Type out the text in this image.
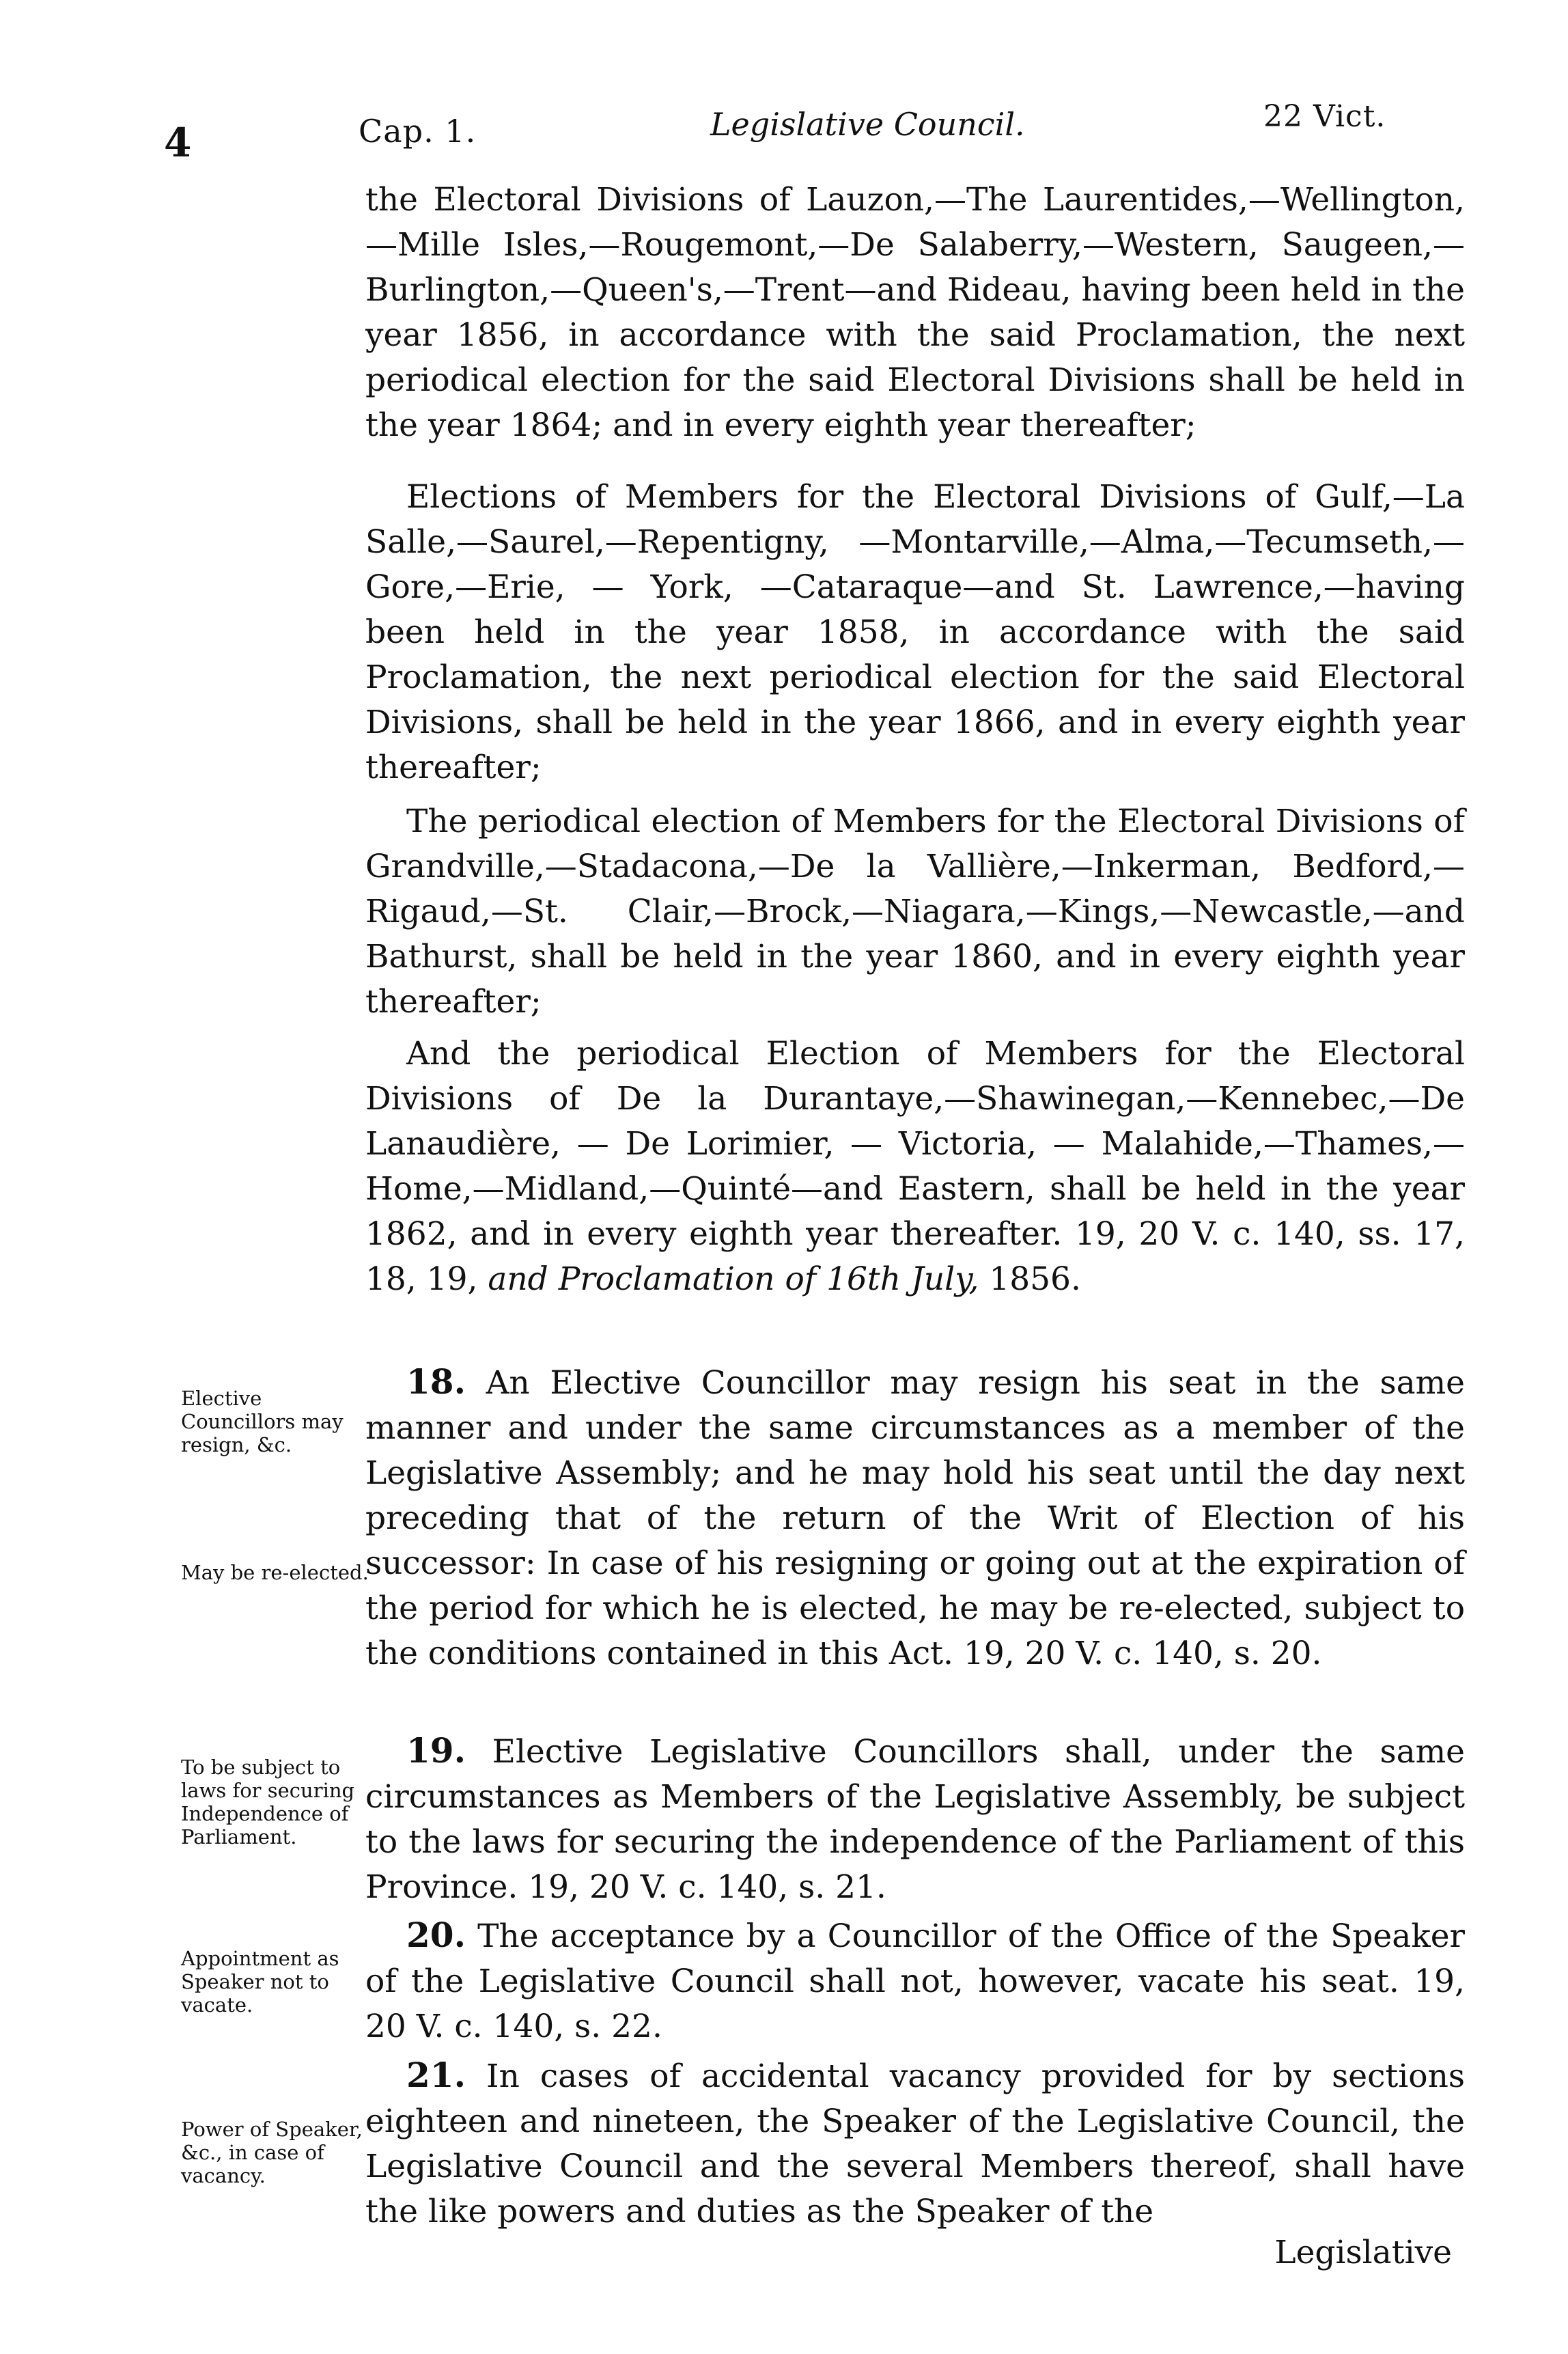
4	Cap. 1.	Legislative Council.	22 Vict.

the Electoral Divisions of Lauzon,—The Laurentides,—Wellington,—Mille Isles,—Rougemont,—De Salaberry,—Western, Saugeen,—Burlington,—Queen's,—Trent—and Rideau, having been held in the year 1856, in accordance with the said Proclamation, the next periodical election for the said Electoral Divisions shall be held in the year 1864; and in every eighth year thereafter;

Elections of Members for the Electoral Divisions of Gulf,—La Salle,—Saurel,—Repentigny, —Montarville,—Alma,—Tecumseth,—Gore,—Erie, — York, —Cataraque—and St. Lawrence,—having been held in the year 1858, in accordance with the said Proclamation, the next periodical election for the said Electoral Divisions, shall be held in the year 1866, and in every eighth year thereafter;

The periodical election of Members for the Electoral Divisions of Grandville,—Stadacona,—De la Vallière,—Inkerman, Bedford,—Rigaud,—St. Clair,—Brock,—Niagara,—Kings,—Newcastle,—and Bathurst, shall be held in the year 1860, and in every eighth year thereafter;

And the periodical Election of Members for the Electoral Divisions of De la Durantaye,—Shawinegan,—Kennebec,—De Lanaudière, — De Lorimier, — Victoria, — Malahide,—Thames,—Home,—Midland,—Quinté—and Eastern, shall be held in the year 1862, and in every eighth year thereafter. 19, 20 V. c. 140, ss. 17, 18, 19, and Proclamation of 16th July, 1856.

Elective Councillors may resign, &c.

May be re-elected.

18. An Elective Councillor may resign his seat in the same manner and under the same circumstances as a member of the Legislative Assembly; and he may hold his seat until the day next preceding that of the return of the Writ of Election of his successor: In case of his resigning or going out at the expiration of the period for which he is elected, he may be re-elected, subject to the conditions contained in this Act. 19, 20 V. c. 140, s. 20.

To be subject to laws for securing Independence of Parliament.

19. Elective Legislative Councillors shall, under the same circumstances as Members of the Legislative Assembly, be subject to the laws for securing the independence of the Parliament of this Province. 19, 20 V. c. 140, s. 21.

Appointment as Speaker not to vacate.

20. The acceptance by a Councillor of the Office of the Speaker of the Legislative Council shall not, however, vacate his seat. 19, 20 V. c. 140, s. 22.

Power of Speaker, &c., in case of vacancy.

21. In cases of accidental vacancy provided for by sections eighteen and nineteen, the Speaker of the Legislative Council, the Legislative Council and the several Members thereof, shall have the like powers and duties as the Speaker of the

Legislative
